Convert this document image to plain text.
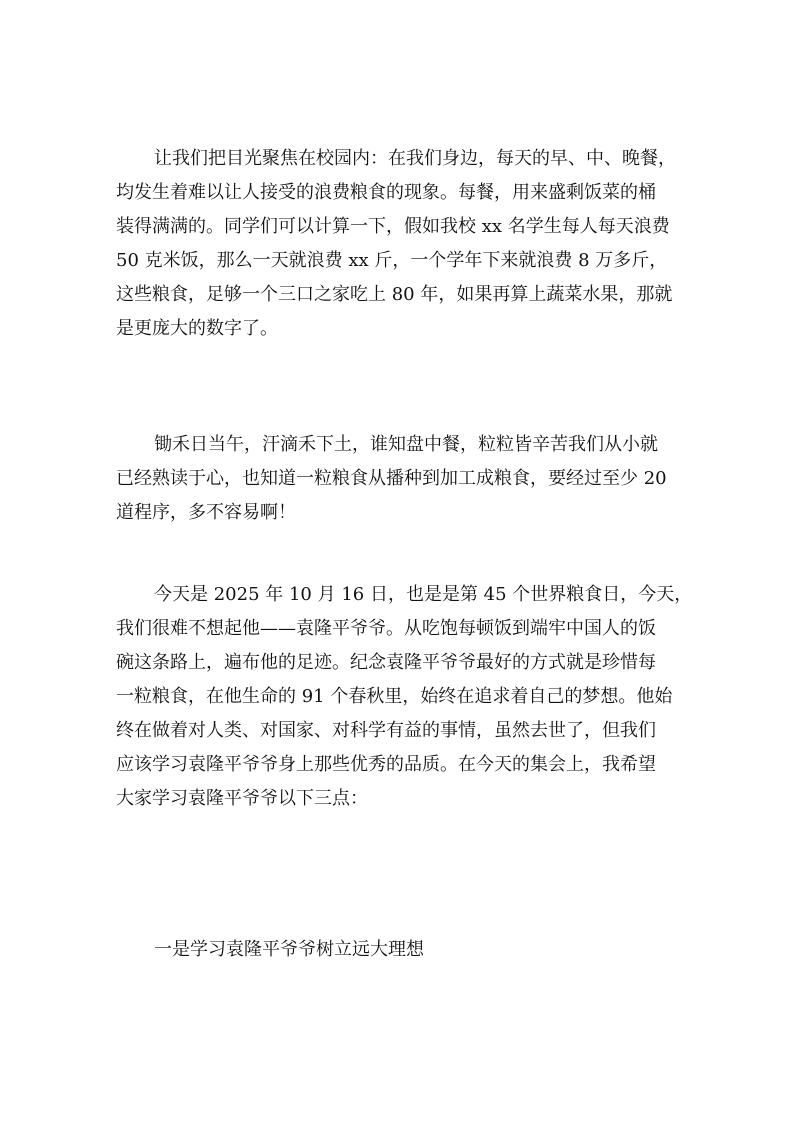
让我们把目光聚焦在校园内：在我们身边，每天的早、中、晚餐，
均发生着难以让人接受的浪费粮食的现象。每餐，用来盛剩饭菜的桶
装得满满的。同学们可以计算一下，假如我校 xx 名学生每人每天浪费
50 克米饭，那么一天就浪费 xx 斤，一个学年下来就浪费 8 万多斤，
这些粮食，足够一个三口之家吃上 80 年，如果再算上蔬菜水果，那就
是更庞大的数字了。
锄禾日当午，汗滴禾下土，谁知盘中餐，粒粒皆辛苦我们从小就
已经熟读于心，也知道一粒粮食从播种到加工成粮食，要经过至少 20
道程序，多不容易啊！
今天是 2025 年 10 月 16 日，也是是第 45 个世界粮食日，今天，
我们很难不想起他——袁隆平爷爷。从吃饱每顿饭到端牢中国人的饭
碗这条路上，遍布他的足迹。纪念袁隆平爷爷最好的方式就是珍惜每
一粒粮食，在他生命的 91 个春秋里，始终在追求着自己的梦想。他始
终在做着对人类、对国家、对科学有益的事情，虽然去世了，但我们
应该学习袁隆平爷爷身上那些优秀的品质。在今天的集会上，我希望
大家学习袁隆平爷爷以下三点：
一是学习袁隆平爷爷树立远大理想
